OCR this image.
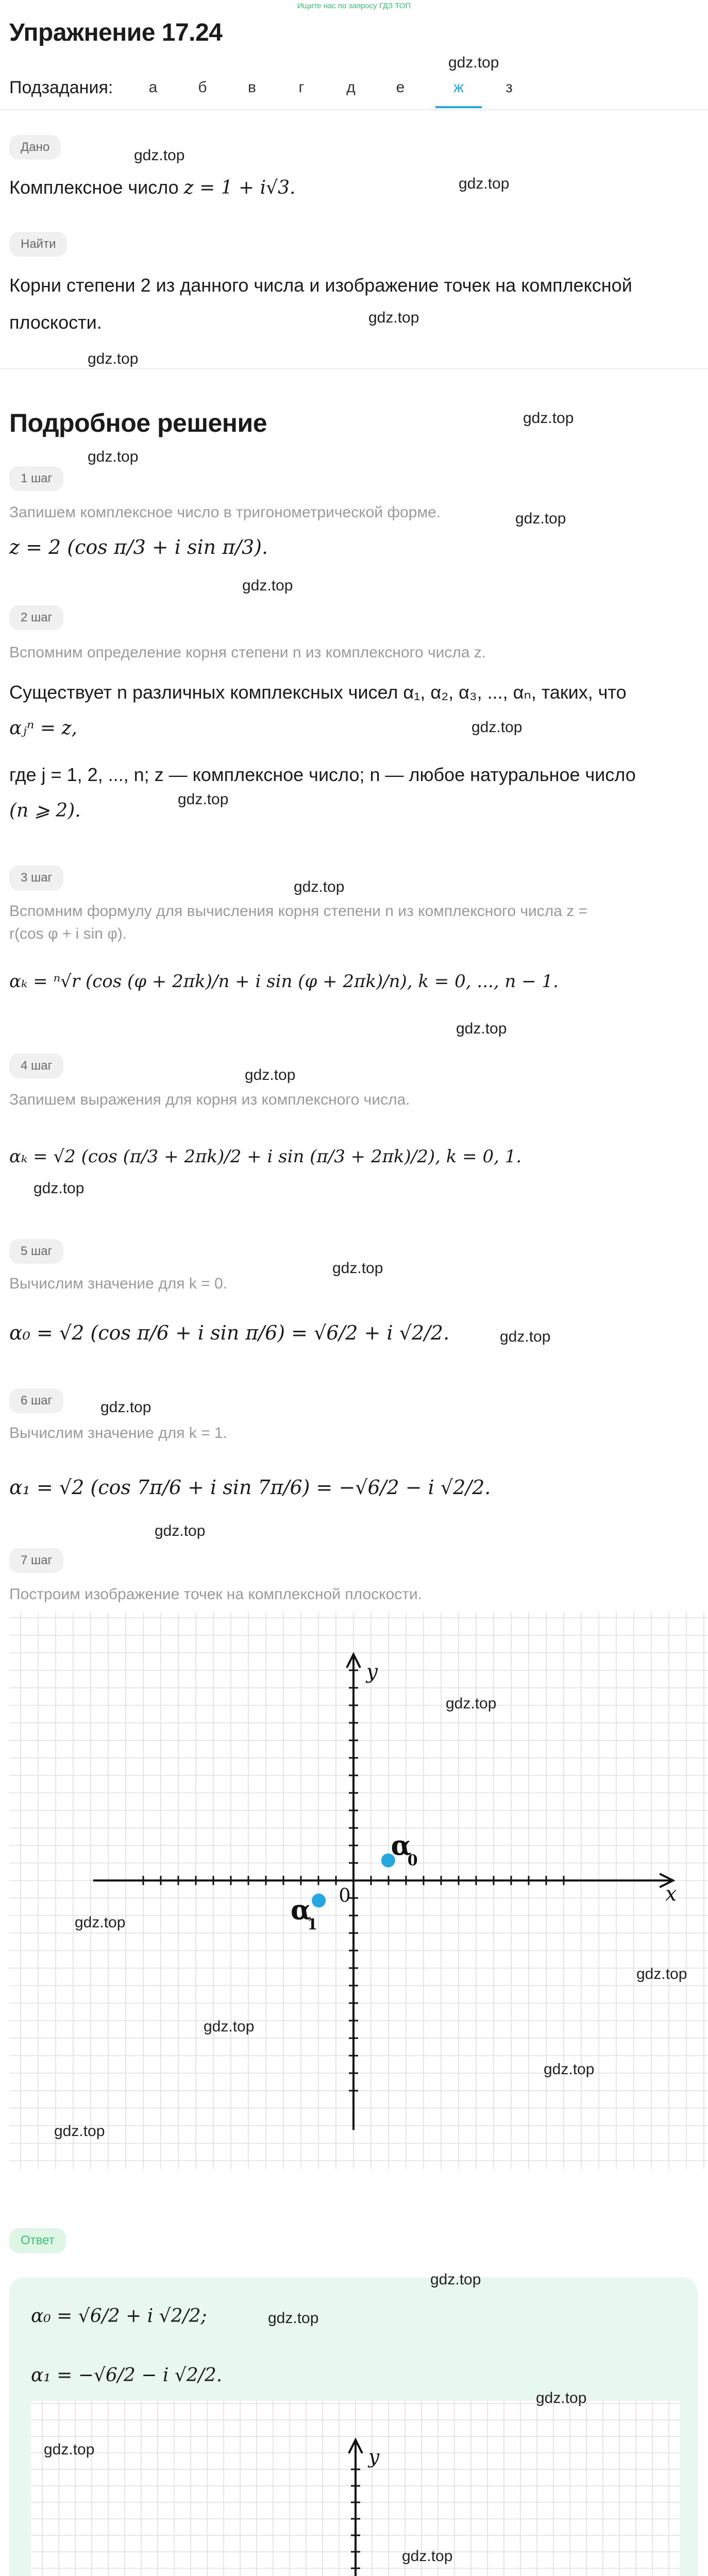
Ищите нас по запросу ГДЗ ТОП
Упражнение 17.24
Подзадания:	а	б	в	г	д	е	ж	з
Дано
Комплексное число z = 1 + i√3.
Найти
Корни степени 2 из данного числа и изображение точек на комплексной
плоскости.
Подробное решение
1 шаг
Запишем комплексное число в тригонометрической форме.
z = 2 (cos π/3 + i sin π/3).
2 шаг
Вспомним определение корня степени n из комплексного числа z.
Существует n различных комплексных чисел α₁, α₂, α₃, ..., αₙ, таких, что
αⱼⁿ = z,
где j = 1, 2, ..., n; z — комплексное число; n — любое натуральное число
(n ⩾ 2).
3 шаг
Вспомним формулу для вычисления корня степени n из комплексного числа z =
r(cos φ + i sin φ).
αₖ = ⁿ√r (cos (φ + 2πk)/n + i sin (φ + 2πk)/n), k = 0, ..., n − 1.
4 шаг
Запишем выражения для корня из комплексного числа.
αₖ = √2 (cos (π/3 + 2πk)/2 + i sin (π/3 + 2πk)/2), k = 0, 1.
5 шаг
Вычислим значение для k = 0.
α₀ = √2 (cos π/6 + i sin π/6) = √6/2 + i √2/2.
6 шаг
Вычислим значение для k = 1.
α₁ = √2 (cos 7π/6 + i sin 7π/6) = −√6/2 − i √2/2.
7 шаг
Построим изображение точек на комплексной плоскости.
x
y
0
α
0
α
1
Ответ
α₀ = √6/2 + i √2/2;
α₁ = −√6/2 − i √2/2.
y
gdz.top
gdz.top
gdz.top
gdz.top
gdz.top
gdz.top
gdz.top
gdz.top
gdz.top
gdz.top
gdz.top
gdz.top
gdz.top
gdz.top
gdz.top
gdz.top
gdz.top
gdz.top
gdz.top
gdz.top
gdz.top
gdz.top
gdz.top
gdz.top
gdz.top
gdz.top
gdz.top
gdz.top
gdz.top
gdz.top
